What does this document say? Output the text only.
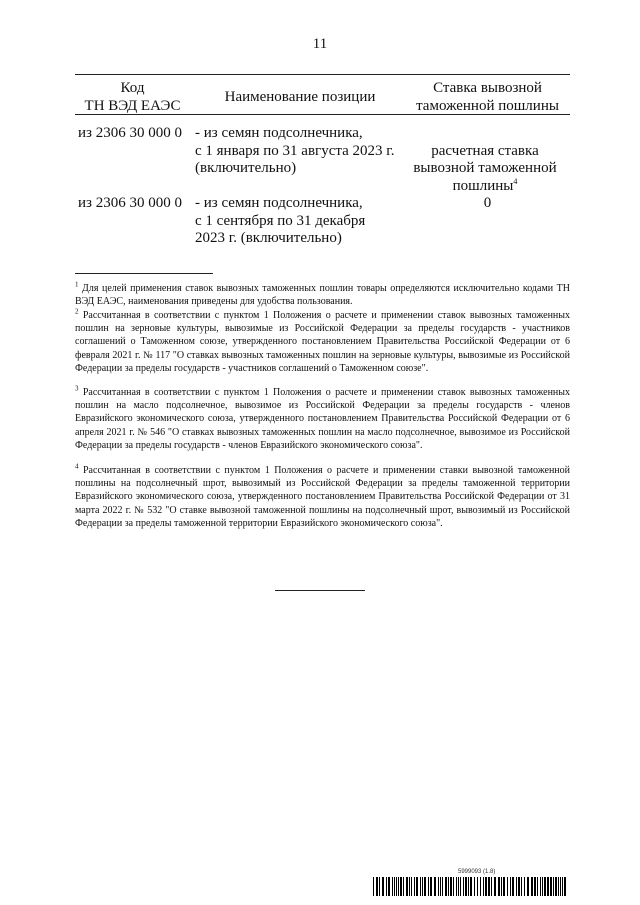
11
Код
ТН ВЭД ЕАЭС
Наименование позиции
Ставка вывозной
таможенной пошлины
из 2306 30 000 0 - из семян подсолнечника,
с 1 января по 31 августа 2023 г.
(включительно)

расчетная ставка
вывозной таможенной
пошлины$^4$

из 2306 30 000 0 - из семян подсолнечника,
с 1 сентября по 31 декабря
2023 г. (включительно)
0
$^1$ Для целей применения ставок вывозных таможенных пошлин товары определяются исключительно кодами ТН ВЭД ЕАЭС, наименования приведены для удобства пользования.
$^2$ Рассчитанная в соответствии с пунктом 1 Положения о расчете и применении ставок вывозных таможенных пошлин на зерновые культуры, вывозимые из Российской Федерации за пределы государств - участников соглашений о Таможенном союзе, утвержденного постановлением Правительства Российской Федерации от 6 февраля 2021 г. № 117 "О ставках вывозных таможенных пошлин на зерновые культуры, вывозимые из Российской Федерации за пределы государств - участников соглашений о Таможенном союзе".
$^3$ Рассчитанная в соответствии с пунктом 1 Положения о расчете и применении ставок вывозных таможенных пошлин на масло подсолнечное, вывозимое из Российской Федерации за пределы государств - членов Евразийского экономического союза, утвержденного постановлением Правительства Российской Федерации от 6 апреля 2021 г. № 546 "О ставках вывозных таможенных пошлин на масло подсолнечное, вывозимое из Российской Федерации за пределы государств - членов Евразийского экономического союза".
$^4$ Рассчитанная в соответствии с пунктом 1 Положения о расчете и применении ставки вывозной таможенной пошлины на подсолнечный шрот, вывозимый из Российской Федерации за пределы таможенной территории Евразийского экономического союза, утвержденного постановлением Правительства Российской Федерации от 31 марта 2022 г. № 532 "О ставке вывозной таможенной пошлины на подсолнечный шрот, вывозимый из Российской Федерации за пределы таможенной территории Евразийского экономического союза".
5999093 (1.8)
